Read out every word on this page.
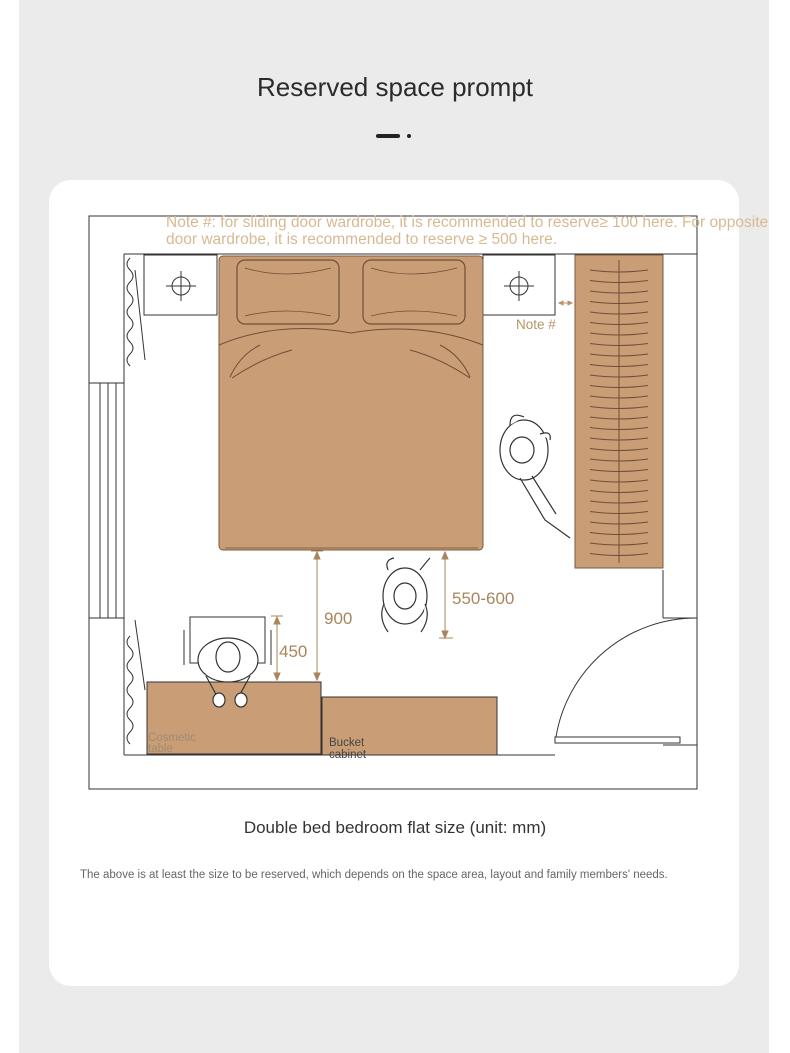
Reserved space prompt
Note #: for sliding door wardrobe, it is recommended to reserve≥ 100 here. For opposite door wardrobe, it is recommended to reserve ≥ 500 here.
Note #
900
450
550-600
Cosmetic table	Bucket cabinet
Double bed bedroom flat size (unit: mm)
The above is at least the size to be reserved, which depends on the space area, layout and family members' needs.
